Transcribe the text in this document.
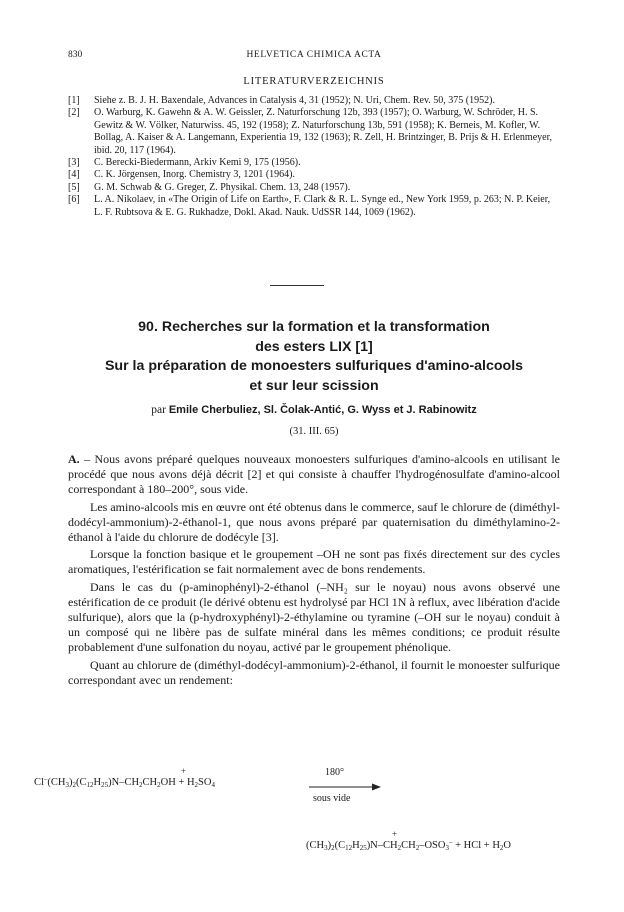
830	HELVETICA CHIMICA ACTA
LITERATURVERZEICHNIS
[1] Siehe z. B. J. H. Baxendale, Advances in Catalysis 4, 31 (1952); N. Uri, Chem. Rev. 50, 375 (1952).
[2] O. Warburg, K. Gawehn & A. W. Geissler, Z. Naturforschung 12b, 393 (1957); O. Warburg, W. Schröder, H. S. Gewitz & W. Völker, Naturwiss. 45, 192 (1958); Z. Naturforschung 13b, 591 (1958); K. Berneis, M. Kofler, W. Bollag, A. Kaiser & A. Langemann, Experientia 19, 132 (1963); R. Zell, H. Brintzinger, B. Prijs & H. Erlenmeyer, ibid. 20, 117 (1964).
[3] C. Berecki-Biedermann, Arkiv Kemi 9, 175 (1956).
[4] C. K. Jörgensen, Inorg. Chemistry 3, 1201 (1964).
[5] G. M. Schwab & G. Greger, Z. Physikal. Chem. 13, 248 (1957).
[6] L. A. Nikolaev, in «The Origin of Life on Earth», F. Clark & R. L. Synge ed., New York 1959, p. 263; N. P. Keier, L. F. Rubtsova & E. G. Rukhadze, Dokl. Akad. Nauk. UdSSR 144, 1069 (1962).
90. Recherches sur la formation et la transformation
des esters LIX [1]
Sur la préparation de monoesters sulfuriques d'amino-alcools
et sur leur scission
par Emile Cherbuliez, Sl. Čolak-Antić, G. Wyss et J. Rabinowitz
(31. III. 65)

A. – Nous avons préparé quelques nouveaux monoesters sulfuriques d'amino-alcools en utilisant le procédé que nous avons déjà décrit [2] et qui consiste à chauffer l'hydrogénosulfate d'amino-alcool correspondant à 180–200°, sous vide.

Les amino-alcools mis en œuvre ont été obtenus dans le commerce, sauf le chlorure de (diméthyl-dodécyl-ammonium)-2-éthanol-1, que nous avons préparé par quaternisation du diméthylamino-2-éthanol à l'aide du chlorure de dodécyle [3].

Lorsque la fonction basique et le groupement –OH ne sont pas fixés directement sur des cycles aromatiques, l'estérification se fait normalement avec de bons rendements.

Dans le cas du (p-aminophényl)-2-éthanol (–NH₂ sur le noyau) nous avons observé une estérification de ce produit (le dérivé obtenu est hydrolysé par HCl 1N à reflux, avec libération d'acide sulfurique), alors que la (p-hydroxyphényl)-2-éthylamine ou tyramine (–OH sur le noyau) conduit à un composé qui ne libère pas de sulfate minéral dans les mêmes conditions; ce produit résulte probablement d'une sulfonation du noyau, activé par le groupement phénolique.

Quant au chlorure de (diméthyl-dodécyl-ammonium)-2-éthanol, il fournit le monoester sulfurique correspondant avec un rendement:

+
$Cl^-(CH_3)_2(C_{12}H_{25})N-CH_2CH_2OH + H_2SO_4$
180°
sous vide
+
$(CH_3)_2(C_{12}H_{25})N-CH_2CH_2-OSO_3^-$ + HCl + $H_2O$
